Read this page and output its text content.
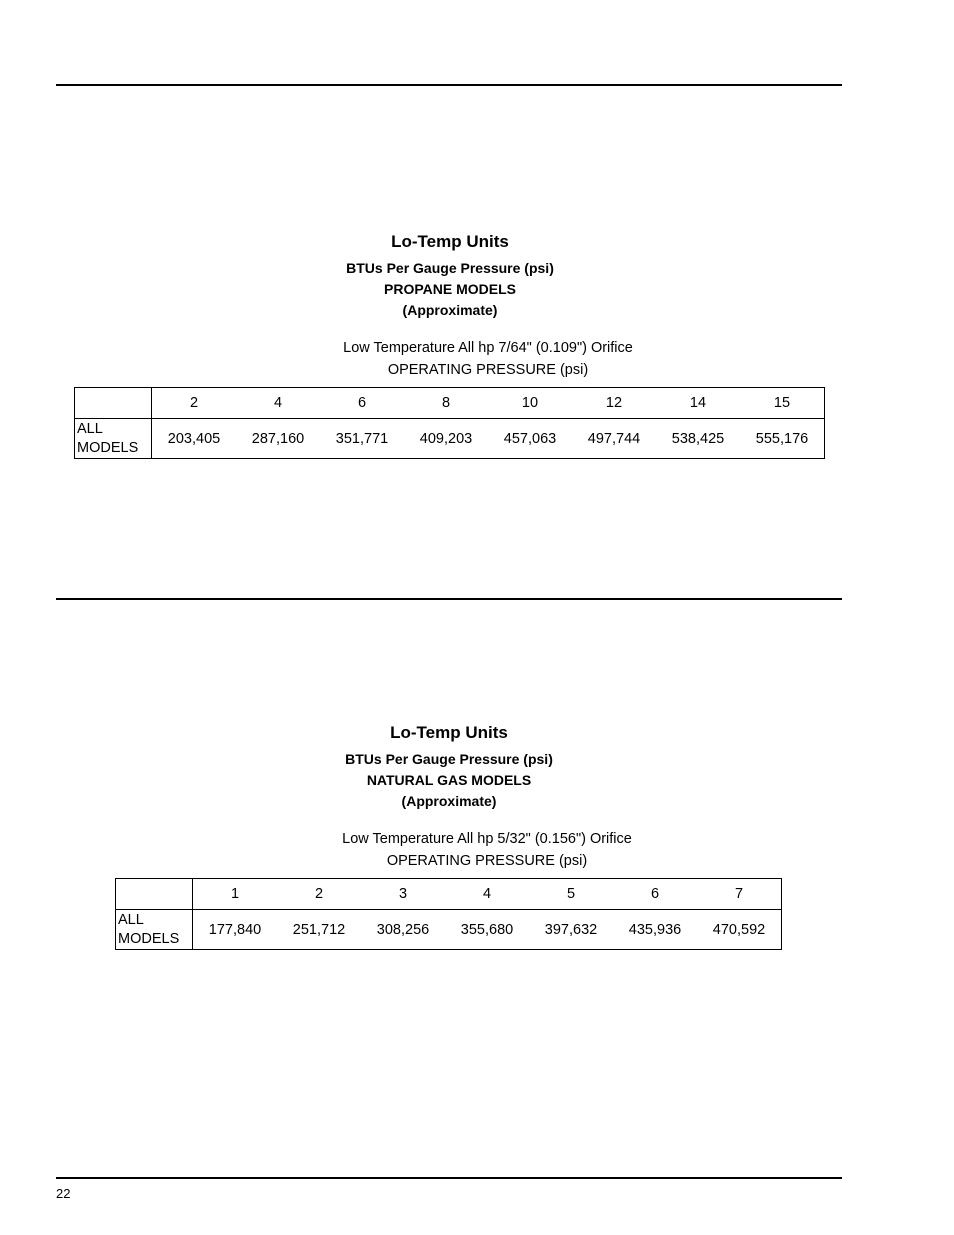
Lo-Temp Units
BTUs Per Gauge Pressure (psi)
PROPANE MODELS
(Approximate)
Low Temperature All hp 7/64" (0.109") Orifice
OPERATING PRESSURE (psi)
	2	4	6	8	10	12	14	15
ALL
MODELS	203,405	287,160	351,771	409,203	457,063	497,744	538,425	555,176
Lo-Temp Units
BTUs Per Gauge Pressure (psi)
NATURAL GAS MODELS
(Approximate)
Low Temperature All hp 5/32" (0.156") Orifice
OPERATING PRESSURE (psi)
	1	2	3	4	5	6	7
ALL
MODELS	177,840	251,712	308,256	355,680	397,632	435,936	470,592
22
